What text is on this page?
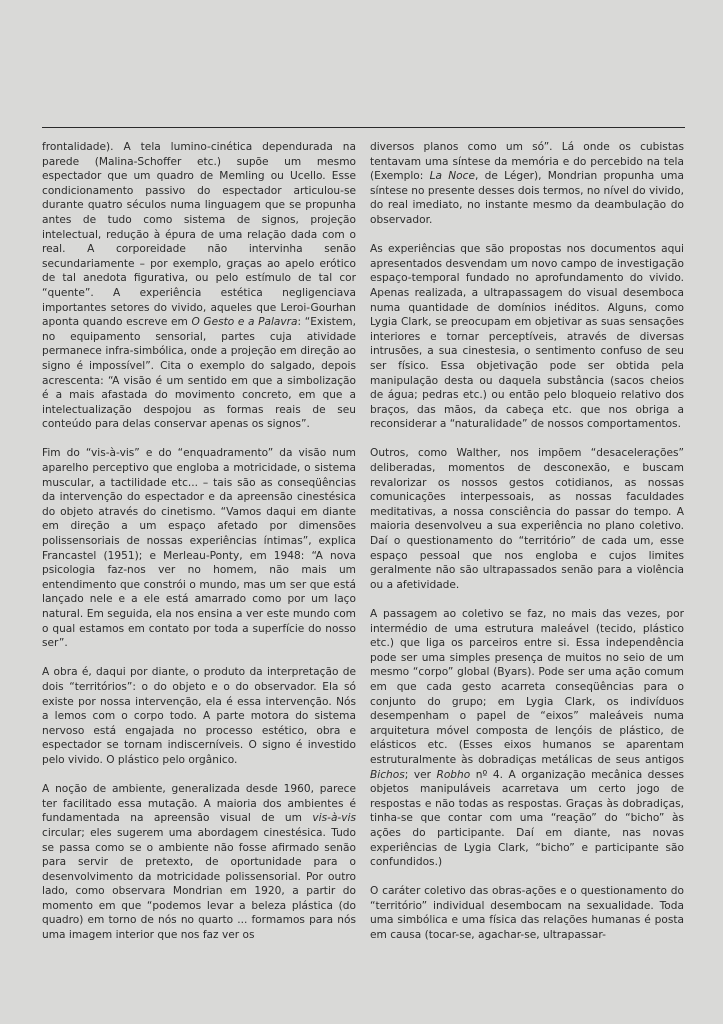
frontalidade). A tela lumino-cinética dependurada na parede (Malina-Schoffer etc.) supõe um mesmo espectador que um quadro de Memling ou Ucello. Esse condicionamento passivo do espectador articulou-se durante quatro séculos numa linguagem que se propunha antes de tudo como sistema de signos, projeção intelectual, redução à épura de uma relação dada com o real. A corporeidade não intervinha senão secundariamente – por exemplo, graças ao apelo erótico de tal anedota figurativa, ou pelo estímulo de tal cor “quente”. A experiência estética negligenciava importantes setores do vivido, aqueles que Leroi-Gourhan aponta quando escreve em O Gesto e a Palavra: “Existem, no equipamento sensorial, partes cuja atividade permanece infra-simbólica, onde a projeção em direção ao signo é impossível”. Cita o exemplo do salgado, depois acrescenta: “A visão é um sentido em que a simbolização é a mais afastada do movimento concreto, em que a intelectualização despojou as formas reais de seu conteúdo para delas conservar apenas os signos”.

Fim do “vis-à-vis” e do “enquadramento” da visão num aparelho perceptivo que engloba a motricidade, o sistema muscular, a tactilidade etc... – tais são as conseqüências da intervenção do espectador e da apreensão cinestésica do objeto através do cinetismo. “Vamos daqui em diante em direção a um espaço afetado por dimensões polissensoriais de nossas experiências íntimas”, explica Francastel (1951); e Merleau-Ponty, em 1948: “A nova psicologia faz-nos ver no homem, não mais um entendimento que constrói o mundo, mas um ser que está lançado nele e a ele está amarrado como por um laço natural. Em seguida, ela nos ensina a ver este mundo com o qual estamos em contato por toda a superfície do nosso ser”.

A obra é, daqui por diante, o produto da interpretação de dois “territórios”: o do objeto e o do observador. Ela só existe por nossa intervenção, ela é essa intervenção. Nós a lemos com o corpo todo. A parte motora do sistema nervoso está engajada no processo estético, obra e espectador se tornam indiscerníveis. O signo é investido pelo vivido. O plástico pelo orgânico.

A noção de ambiente, generalizada desde 1960, parece ter facilitado essa mutação. A maioria dos ambientes é fundamentada na apreensão visual de um vis-à-vis circular; eles sugerem uma abordagem cinestésica. Tudo se passa como se o ambiente não fosse afirmado senão para servir de pretexto, de oportunidade para o desenvolvimento da motricidade polissensorial. Por outro lado, como observara Mondrian em 1920, a partir do momento em que “podemos levar a beleza plástica (do quadro) em torno de nós no quarto ... formamos para nós uma imagem interior que nos faz ver os

diversos planos como um só”. Lá onde os cubistas tentavam uma síntese da memória e do percebido na tela (Exemplo: La Noce, de Léger), Mondrian propunha uma síntese no presente desses dois termos, no nível do vivido, do real imediato, no instante mesmo da deambulação do observador.

As experiências que são propostas nos documentos aqui apresentados desvendam um novo campo de investigação espaço-temporal fundado no aprofundamento do vivido. Apenas realizada, a ultrapassagem do visual desemboca numa quantidade de domínios inéditos. Alguns, como Lygia Clark, se preocupam em objetivar as suas sensações interiores e tornar perceptíveis, através de diversas intrusões, a sua cinestesia, o sentimento confuso de seu ser físico. Essa objetivação pode ser obtida pela manipulação desta ou daquela substância (sacos cheios de água; pedras etc.) ou então pelo bloqueio relativo dos braços, das mãos, da cabeça etc. que nos obriga a reconsiderar a “naturalidade” de nossos comportamentos.

Outros, como Walther, nos impõem “desacelerações” deliberadas, momentos de desconexão, e buscam revalorizar os nossos gestos cotidianos, as nossas comunicações interpessoais, as nossas faculdades meditativas, a nossa consciência do passar do tempo. A maioria desenvolveu a sua experiência no plano coletivo. Daí o questionamento do “território” de cada um, esse espaço pessoal que nos engloba e cujos limites geralmente não são ultrapassados senão para a violência ou a afetividade.

A passagem ao coletivo se faz, no mais das vezes, por intermédio de uma estrutura maleável (tecido, plástico etc.) que liga os parceiros entre si. Essa independência pode ser uma simples presença de muitos no seio de um mesmo “corpo” global (Byars). Pode ser uma ação comum em que cada gesto acarreta conseqüências para o conjunto do grupo; em Lygia Clark, os indivíduos desempenham o papel de “eixos” maleáveis numa arquitetura móvel composta de lençóis de plástico, de elásticos etc. (Esses eixos humanos se aparentam estruturalmente às dobradiças metálicas de seus antigos Bichos; ver Robho nº 4. A organização mecânica desses objetos manipuláveis acarretava um certo jogo de respostas e não todas as respostas. Graças às dobradiças, tinha-se que contar com uma “reação” do “bicho” às ações do participante. Daí em diante, nas novas experiências de Lygia Clark, “bicho” e participante são confundidos.)

O caráter coletivo das obras-ações e o questionamento do “território” individual desembocam na sexualidade. Toda uma simbólica e uma física das relações humanas é posta em causa (tocar-se, agachar-se, ultrapassar-
